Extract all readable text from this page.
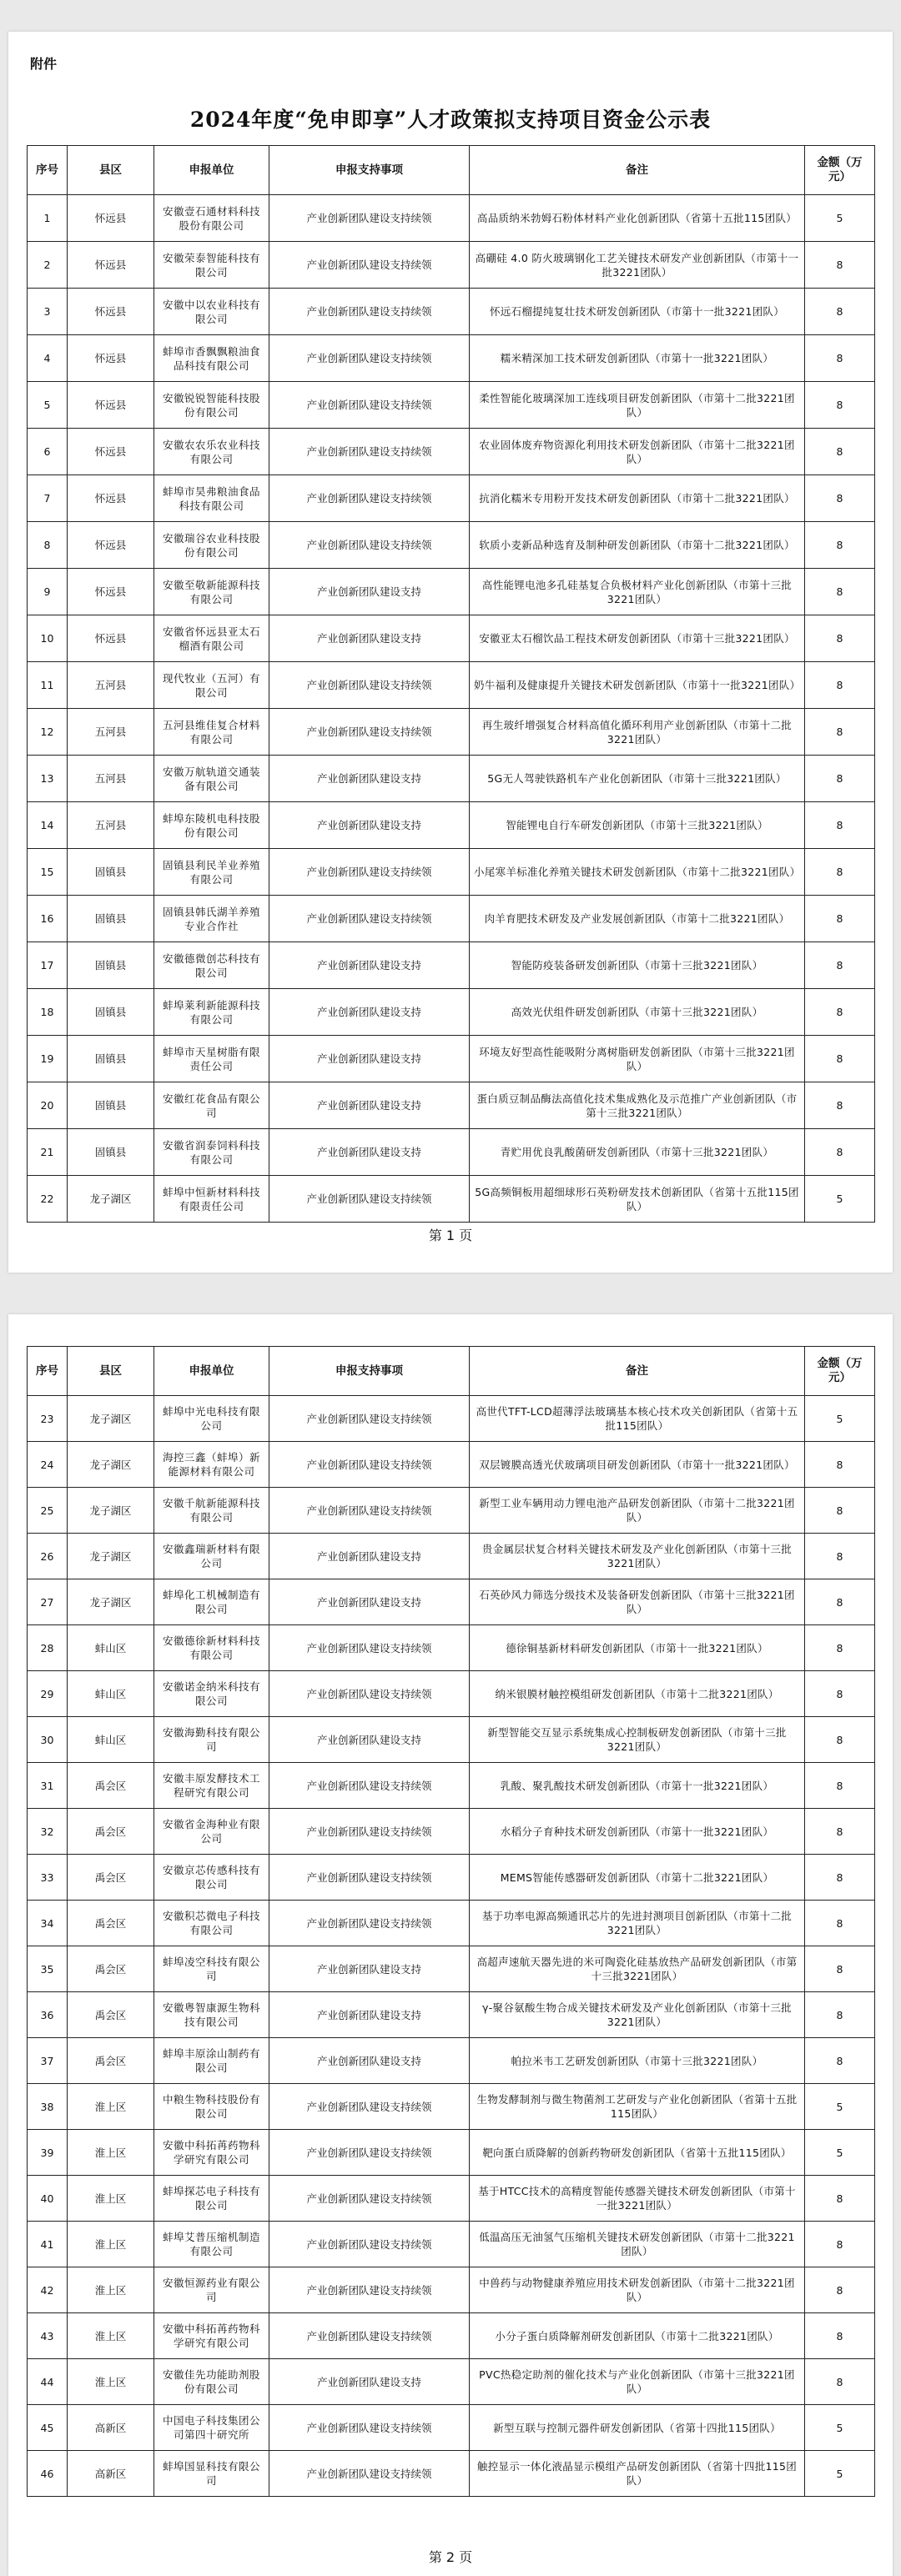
附件
2024年度“免申即享”人才政策拟支持项目资金公示表
序号	县区	申报单位	申报支持事项	备注	金额（万元）
1	怀远县	安徽壹石通材料科技股份有限公司	产业创新团队建设支持续领	高品质纳米勃姆石粉体材料产业化创新团队（省第十五批115团队）	5
2	怀远县	安徽荣泰智能科技有限公司	产业创新团队建设支持续领	高硼硅 4.0 防火玻璃钢化工艺关键技术研发产业创新团队（市第十一批3221团队）	8
3	怀远县	安徽中以农业科技有限公司	产业创新团队建设支持续领	怀远石榴提纯复壮技术研发创新团队（市第十一批3221团队）	8
4	怀远县	蚌埠市香飘飘粮油食品科技有限公司	产业创新团队建设支持续领	糯米精深加工技术研发创新团队（市第十一批3221团队）	8
5	怀远县	安徽锐锐智能科技股份有限公司	产业创新团队建设支持续领	柔性智能化玻璃深加工连线项目研发创新团队（市第十二批3221团队）	8
6	怀远县	安徽农农乐农业科技有限公司	产业创新团队建设支持续领	农业固体废弃物资源化利用技术研发创新团队（市第十二批3221团队）	8
7	怀远县	蚌埠市昊弗粮油食品科技有限公司	产业创新团队建设支持续领	抗消化糯米专用粉开发技术研发创新团队（市第十二批3221团队）	8
8	怀远县	安徽瑞谷农业科技股份有限公司	产业创新团队建设支持续领	软质小麦新品种选育及制种研发创新团队（市第十二批3221团队）	8
9	怀远县	安徽至敬新能源科技有限公司	产业创新团队建设支持	高性能锂电池多孔硅基复合负极材料产业化创新团队（市第十三批3221团队）	8
10	怀远县	安徽省怀远县亚太石榴酒有限公司	产业创新团队建设支持	安徽亚太石榴饮品工程技术研发创新团队（市第十三批3221团队）	8
11	五河县	现代牧业（五河）有限公司	产业创新团队建设支持续领	奶牛福利及健康提升关键技术研发创新团队（市第十一批3221团队）	8
12	五河县	五河县维佳复合材料有限公司	产业创新团队建设支持续领	再生玻纤增强复合材料高值化循环利用产业创新团队（市第十二批3221团队）	8
13	五河县	安徽万航轨道交通装备有限公司	产业创新团队建设支持	5G无人驾驶铁路机车产业化创新团队（市第十三批3221团队）	8
14	五河县	蚌埠东陵机电科技股份有限公司	产业创新团队建设支持	智能锂电自行车研发创新团队（市第十三批3221团队）	8
15	固镇县	固镇县利民羊业养殖有限公司	产业创新团队建设支持续领	小尾寒羊标准化养殖关键技术研发创新团队（市第十二批3221团队）	8
16	固镇县	固镇县韩氏湖羊养殖专业合作社	产业创新团队建设支持续领	肉羊育肥技术研发及产业发展创新团队（市第十二批3221团队）	8
17	固镇县	安徽德微创芯科技有限公司	产业创新团队建设支持	智能防疫装备研发创新团队（市第十三批3221团队）	8
18	固镇县	蚌埠莱利新能源科技有限公司	产业创新团队建设支持	高效光伏组件研发创新团队（市第十三批3221团队）	8
19	固镇县	蚌埠市天星树脂有限责任公司	产业创新团队建设支持	环境友好型高性能吸附分离树脂研发创新团队（市第十三批3221团队）	8
20	固镇县	安徽红花食品有限公司	产业创新团队建设支持	蛋白质豆制品酶法高值化技术集成熟化及示范推广产业创新团队（市第十三批3221团队）	8
21	固镇县	安徽省润泰饲料科技有限公司	产业创新团队建设支持	青贮用优良乳酸菌研发创新团队（市第十三批3221团队）	8
22	龙子湖区	蚌埠中恒新材料科技有限责任公司	产业创新团队建设支持续领	5G高频铜板用超细球形石英粉研发技术创新团队（省第十五批115团队）	5
第 1 页
序号	县区	申报单位	申报支持事项	备注	金额（万元）
23	龙子湖区	蚌埠中光电科技有限公司	产业创新团队建设支持续领	高世代TFT-LCD超薄浮法玻璃基本核心技术攻关创新团队（省第十五批115团队）	5
24	龙子湖区	海控三鑫（蚌埠）新能源材料有限公司	产业创新团队建设支持续领	双层镀膜高透光伏玻璃项目研发创新团队（市第十一批3221团队）	8
25	龙子湖区	安徽千航新能源科技有限公司	产业创新团队建设支持续领	新型工业车辆用动力锂电池产品研发创新团队（市第十二批3221团队）	8
26	龙子湖区	安徽鑫瑞新材料有限公司	产业创新团队建设支持	贵金属层状复合材料关键技术研发及产业化创新团队（市第十三批3221团队）	8
27	龙子湖区	蚌埠化工机械制造有限公司	产业创新团队建设支持	石英砂风力筛选分级技术及装备研发创新团队（市第十三批3221团队）	8
28	蚌山区	安徽德徐新材料科技有限公司	产业创新团队建设支持续领	德徐铜基新材料研发创新团队（市第十一批3221团队）	8
29	蚌山区	安徽诺金纳米科技有限公司	产业创新团队建设支持续领	纳米银膜材触控模组研发创新团队（市第十二批3221团队）	8
30	蚌山区	安徽海勤科技有限公司	产业创新团队建设支持	新型智能交互显示系统集成心控制板研发创新团队（市第十三批3221团队）	8
31	禹会区	安徽丰原发酵技术工程研究有限公司	产业创新团队建设支持续领	乳酸、聚乳酸技术研发创新团队（市第十一批3221团队）	8
32	禹会区	安徽省金海种业有限公司	产业创新团队建设支持续领	水稻分子育种技术研发创新团队（市第十一批3221团队）	8
33	禹会区	安徽京芯传感科技有限公司	产业创新团队建设支持续领	MEMS智能传感器研发创新团队（市第十二批3221团队）	8
34	禹会区	安徽积芯微电子科技有限公司	产业创新团队建设支持续领	基于功率电源高频通讯芯片的先进封测项目创新团队（市第十二批3221团队）	8
35	禹会区	蚌埠凌空科技有限公司	产业创新团队建设支持	高超声速航天器先进的米可陶瓷化硅基放热产品研发创新团队（市第十三批3221团队）	8
36	禹会区	安徽粤智康源生物科技有限公司	产业创新团队建设支持	γ-聚谷氨酸生物合成关键技术研发及产业化创新团队（市第十三批3221团队）	8
37	禹会区	蚌埠丰原涂山制药有限公司	产业创新团队建设支持	帕拉米韦工艺研发创新团队（市第十三批3221团队）	8
38	淮上区	中粮生物科技股份有限公司	产业创新团队建设支持续领	生物发酵制剂与微生物菌剂工艺研发与产业化创新团队（省第十五批115团队）	5
39	淮上区	安徽中科拓苒药物科学研究有限公司	产业创新团队建设支持续领	靶向蛋白质降解的创新药物研发创新团队（省第十五批115团队）	5
40	淮上区	蚌埠探芯电子科技有限公司	产业创新团队建设支持续领	基于HTCC技术的高精度智能传感器关键技术研发创新团队（市第十一批3221团队）	8
41	淮上区	蚌埠艾普压缩机制造有限公司	产业创新团队建设支持续领	低温高压无油氢气压缩机关键技术研发创新团队（市第十二批3221团队）	8
42	淮上区	安徽恒源药业有限公司	产业创新团队建设支持续领	中兽药与动物健康养殖应用技术研发创新团队（市第十二批3221团队）	8
43	淮上区	安徽中科拓苒药物科学研究有限公司	产业创新团队建设支持续领	小分子蛋白质降解剂研发创新团队（市第十二批3221团队）	8
44	淮上区	安徽佳先功能助剂股份有限公司	产业创新团队建设支持	PVC热稳定助剂的催化技术与产业化创新团队（市第十三批3221团队）	8
45	高新区	中国电子科技集团公司第四十研究所	产业创新团队建设支持续领	新型互联与控制元器件研发创新团队（省第十四批115团队）	5
46	高新区	蚌埠国显科技有限公司	产业创新团队建设支持续领	触控显示一体化液晶显示模组产品研发创新团队（省第十四批115团队）	5
第 2 页
